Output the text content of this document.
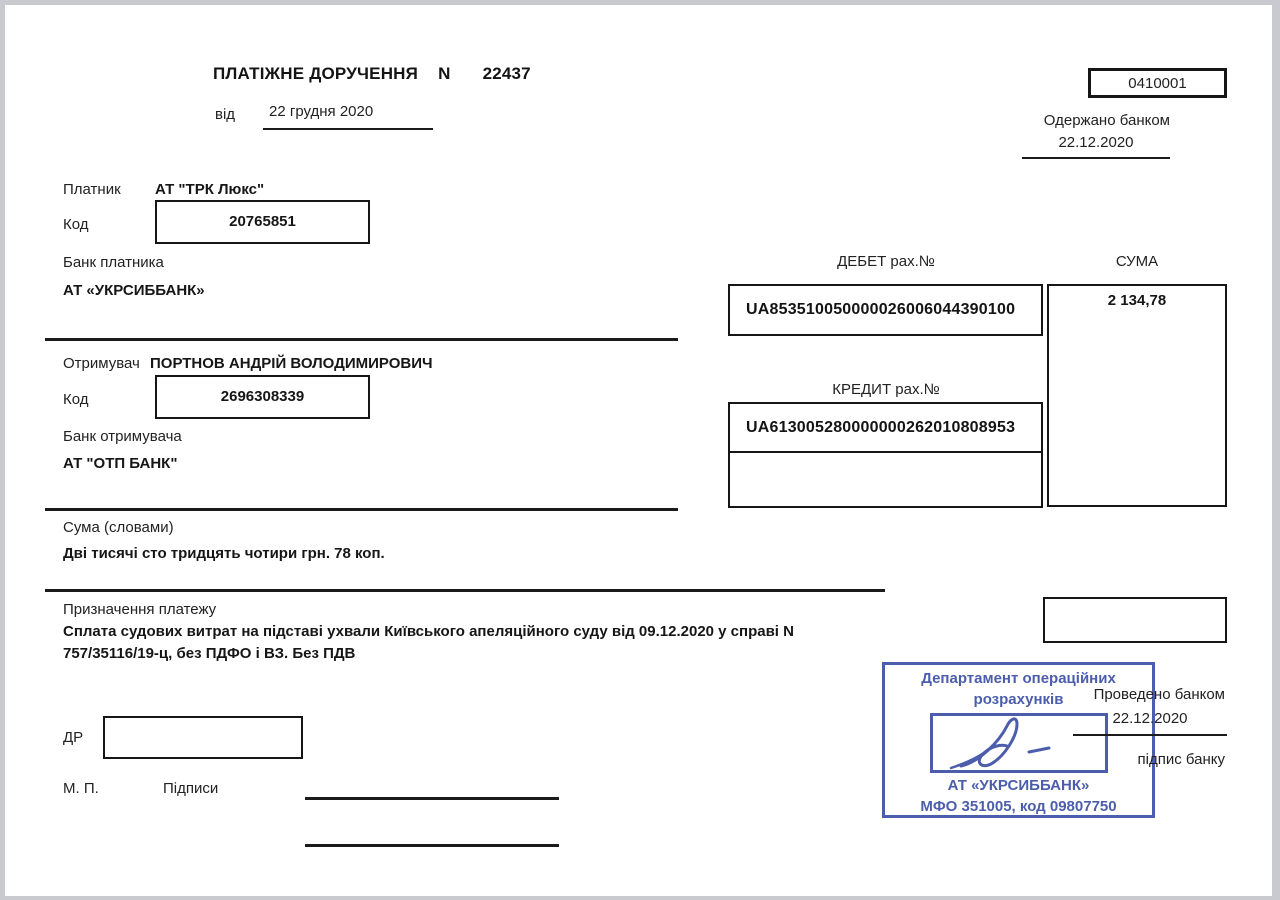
ПЛАТІЖНЕ ДОРУЧЕННЯ N 22437
від	22 грудня 2020
0410001
Одержано банком
22.12.2020
Платник АТ "ТРК Люкс"
Код	20765851
Банк платника
АТ «УКРСИББАНК»
ДЕБЕТ рах.№	СУМА
UA853510050000026006044390100
2 134,78
КРЕДИТ рах.№
UA613005280000000262010808953
Отримувач ПОРТНОВ АНДРІЙ ВОЛОДИМИРОВИЧ
Код	2696308339
Банк отримувача
АТ "ОТП БАНК"
Сума (словами)
Дві тисячі сто тридцять чотири грн. 78 коп.
Призначення платежу
Сплата судових витрат на підставі ухвали Київського апеляційного суду від 09.12.2020 у справі N 757/35116/19-ц, без ПДФО і ВЗ. Без ПДВ
Департамент операційних
розрахунків
АТ «УКРСИББАНК»
МФО 351005, код 09807750
Проведено банком
22.12.2020
підпис банку
ДР
М. П.	Підписи
